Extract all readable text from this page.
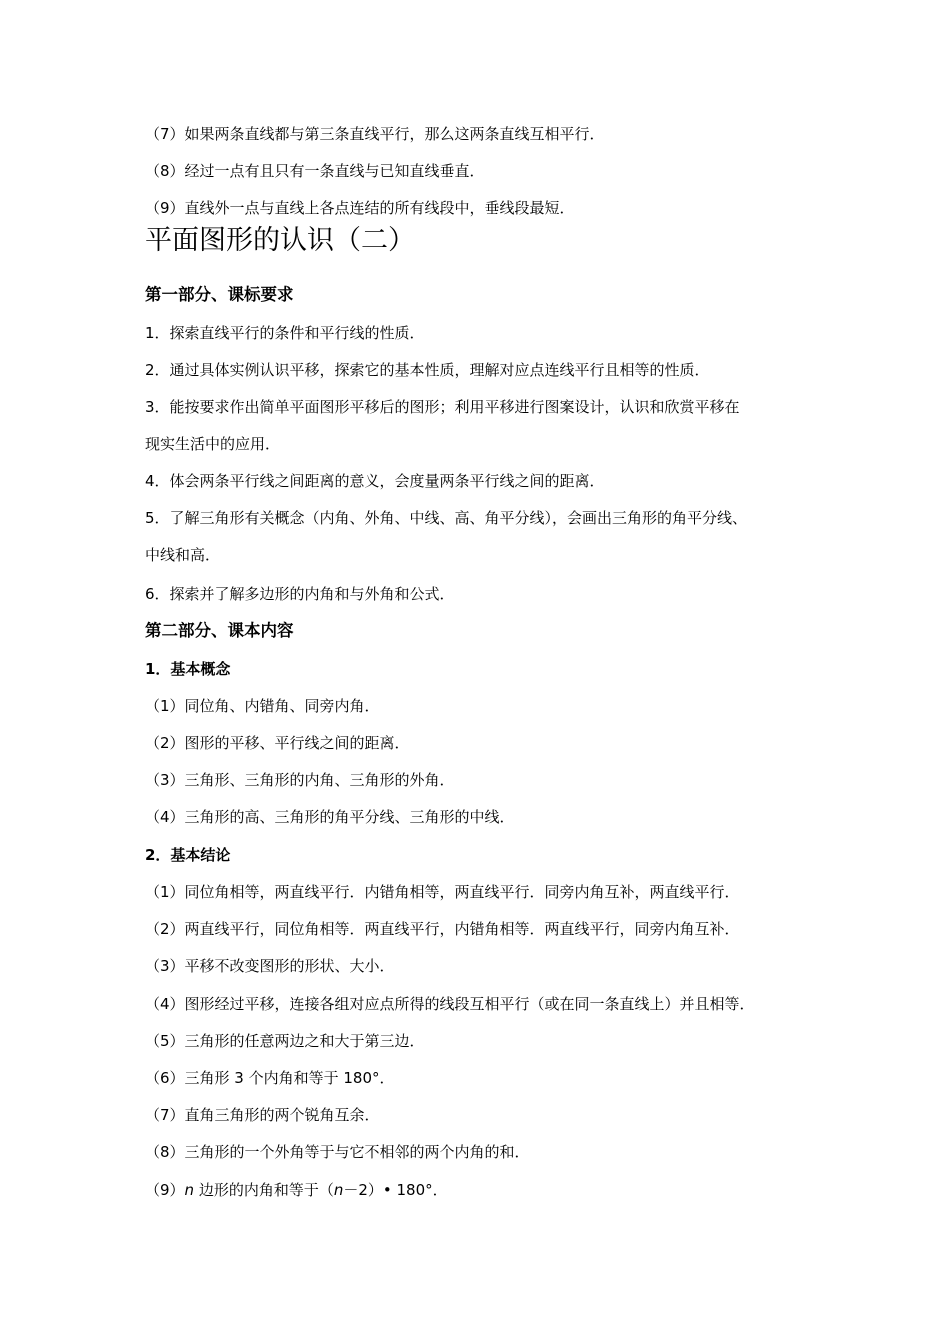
（7）如果两条直线都与第三条直线平行，那么这两条直线互相平行．
（8）经过一点有且只有一条直线与已知直线垂直．
（9）直线外一点与直线上各点连结的所有线段中，垂线段最短．
平面图形的认识（二）
第一部分、课标要求
1．探索直线平行的条件和平行线的性质．
2．通过具体实例认识平移，探索它的基本性质，理解对应点连线平行且相等的性质．
3．能按要求作出简单平面图形平移后的图形；利用平移进行图案设计，认识和欣赏平移在
现实生活中的应用．
4．体会两条平行线之间距离的意义，会度量两条平行线之间的距离．
5．了解三角形有关概念（内角、外角、中线、高、角平分线），会画出三角形的角平分线、
中线和高．
6．探索并了解多边形的内角和与外角和公式．
第二部分、课本内容
1．基本概念
（1）同位角、内错角、同旁内角．
（2）图形的平移、平行线之间的距离．
（3）三角形、三角形的内角、三角形的外角．
（4）三角形的高、三角形的角平分线、三角形的中线．
2．基本结论
（1）同位角相等，两直线平行．内错角相等，两直线平行．同旁内角互补，两直线平行．
（2）两直线平行，同位角相等．两直线平行，内错角相等．两直线平行，同旁内角互补．
（3）平移不改变图形的形状、大小．
（4）图形经过平移，连接各组对应点所得的线段互相平行（或在同一条直线上）并且相等．
（5）三角形的任意两边之和大于第三边．
（6）三角形 3 个内角和等于 180°．
（7）直角三角形的两个锐角互余．
（8）三角形的一个外角等于与它不相邻的两个内角的和．
（9）n 边形的内角和等于（n－2）• 180°．
